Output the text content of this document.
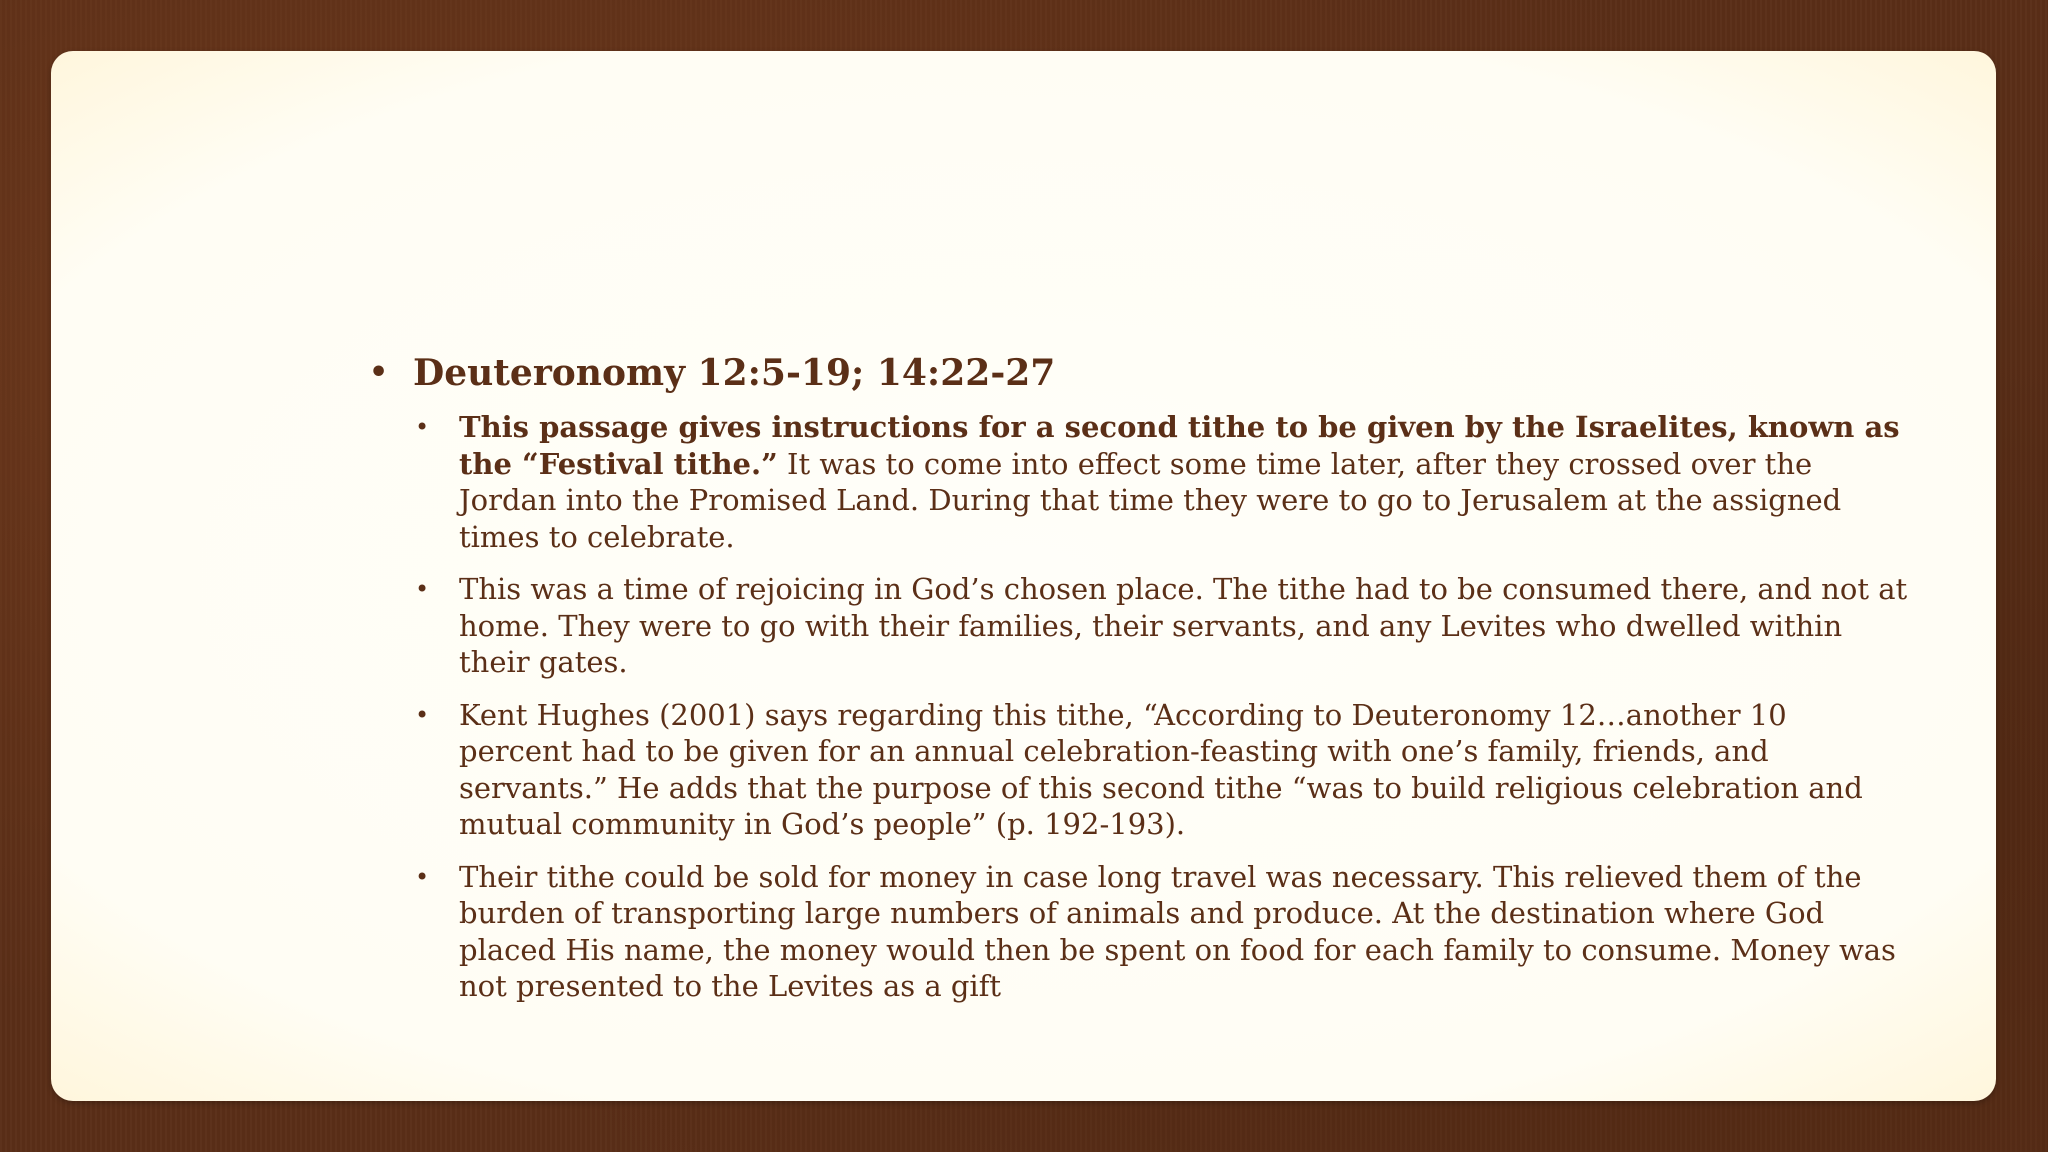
• Deuteronomy 12:5-19; 14:22-27
•	This passage gives instructions for a second tithe to be given by the Israelites, known as the “Festival tithe.” It was to come into effect some time later, after they crossed over the Jordan into the Promised Land. During that time they were to go to Jerusalem at the assigned times to celebrate.
•	This was a time of rejoicing in God’s chosen place. The tithe had to be consumed there, and not at home. They were to go with their families, their servants, and any Levites who dwelled within their gates.
•	Kent Hughes (2001) says regarding this tithe, “According to Deuteronomy 12…another 10 percent had to be given for an annual celebration-feasting with one’s family, friends, and servants.” He adds that the purpose of this second tithe “was to build religious celebration and mutual community in God’s people” (p. 192-193).
•	Their tithe could be sold for money in case long travel was necessary. This relieved them of the burden of transporting large numbers of animals and produce. At the destination where God placed His name, the money would then be spent on food for each family to consume. Money was not presented to the Levites as a gift
